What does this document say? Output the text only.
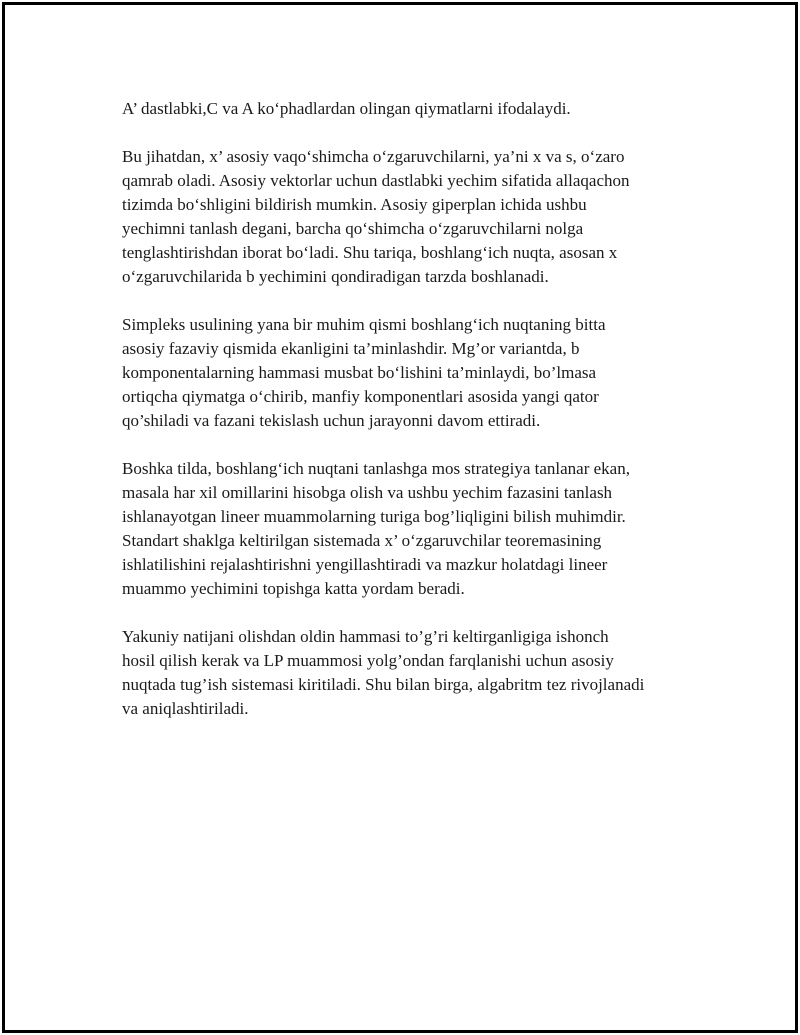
A’ dastlabki,C va A ko‘phadlardan olingan qiymatlarni ifodalaydi.

Bu jihatdan, x’ asosiy vaqo‘shimcha o‘zgaruvchilarni, ya’ni x va s, o‘zaro
qamrab oladi. Asosiy vektorlar uchun dastlabki yechim sifatida allaqachon
tizimda bo‘shligini bildirish mumkin. Asosiy giperplan ichida ushbu
yechimni tanlash degani, barcha qo‘shimcha o‘zgaruvchilarni nolga
tenglashtirishdan iborat bo‘ladi. Shu tariqa, boshlang‘ich nuqta, asosan x
o‘zgaruvchilarida b yechimini qondiradigan tarzda boshlanadi.

Simpleks usulining yana bir muhim qismi boshlang‘ich nuqtaning bitta
asosiy fazaviy qismida ekanligini ta’minlashdir. Mg’or variantda, b
komponentalarning hammasi musbat bo‘lishini ta’minlaydi, bo’lmasa
ortiqcha qiymatga o‘chirib, manfiy komponentlari asosida yangi qator
qo’shiladi va fazani tekislash uchun jarayonni davom ettiradi.

Boshka tilda, boshlang‘ich nuqtani tanlashga mos strategiya tanlanar ekan,
masala har xil omillarini hisobga olish va ushbu yechim fazasini tanlash
ishlanayotgan lineer muammolarning turiga bog’liqligini bilish muhimdir.
Standart shaklga keltirilgan sistemada x’ o‘zgaruvchilar teoremasining
ishlatilishini rejalashtirishni yengillashtiradi va mazkur holatdagi lineer
muammo yechimini topishga katta yordam beradi.

Yakuniy natijani olishdan oldin hammasi to’g’ri keltirganligiga ishonch
hosil qilish kerak va LP muammosi yolg’ondan farqlanishi uchun asosiy
nuqtada tug’ish sistemasi kiritiladi. Shu bilan birga, algabritm tez rivojlanadi
va aniqlashtiriladi.
